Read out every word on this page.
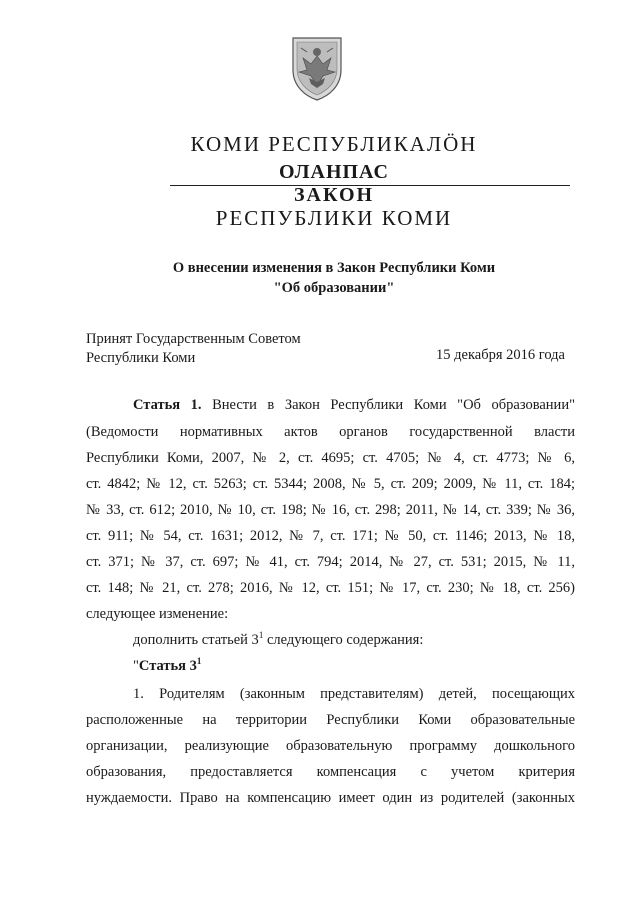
КОМИ РЕСПУБЛИКАЛӦН
ОЛАНПАС
ЗАКОН
РЕСПУБЛИКИ КОМИ
О внесении изменения в Закон Республики Коми
"Об образовании"
Принят Государственным Советом
Республики Коми	15 декабря 2016 года
Статья 1. Внести в Закон Республики Коми "Об образовании"
(Ведомости нормативных актов органов государственной власти
Республики Коми, 2007, № 2, ст. 4695; ст. 4705; № 4, ст. 4773; № 6,
ст. 4842; № 12, ст. 5263; ст. 5344; 2008, № 5, ст. 209; 2009, № 11, ст. 184;
№ 33, ст. 612; 2010, № 10, ст. 198; № 16, ст. 298; 2011, № 14, ст. 339; № 36,
ст. 911; № 54, ст. 1631; 2012, № 7, ст. 171; № 50, ст. 1146; 2013, № 18,
ст. 371; № 37, ст. 697; № 41, ст. 794; 2014, № 27, ст. 531; 2015, № 11,
ст. 148; № 21, ст. 278; 2016, № 12, ст. 151; № 17, ст. 230; № 18, ст. 256)
следующее изменение:
дополнить статьей $3^1$ следующего содержания:
"Статья $3^1$
1. Родителям (законным представителям) детей, посещающих
расположенные на территории Республики Коми образовательные
организации, реализующие образовательную программу дошкольного
образования, предоставляется компенсация с учетом критерия
нуждаемости. Право на компенсацию имеет один из родителей (законных
